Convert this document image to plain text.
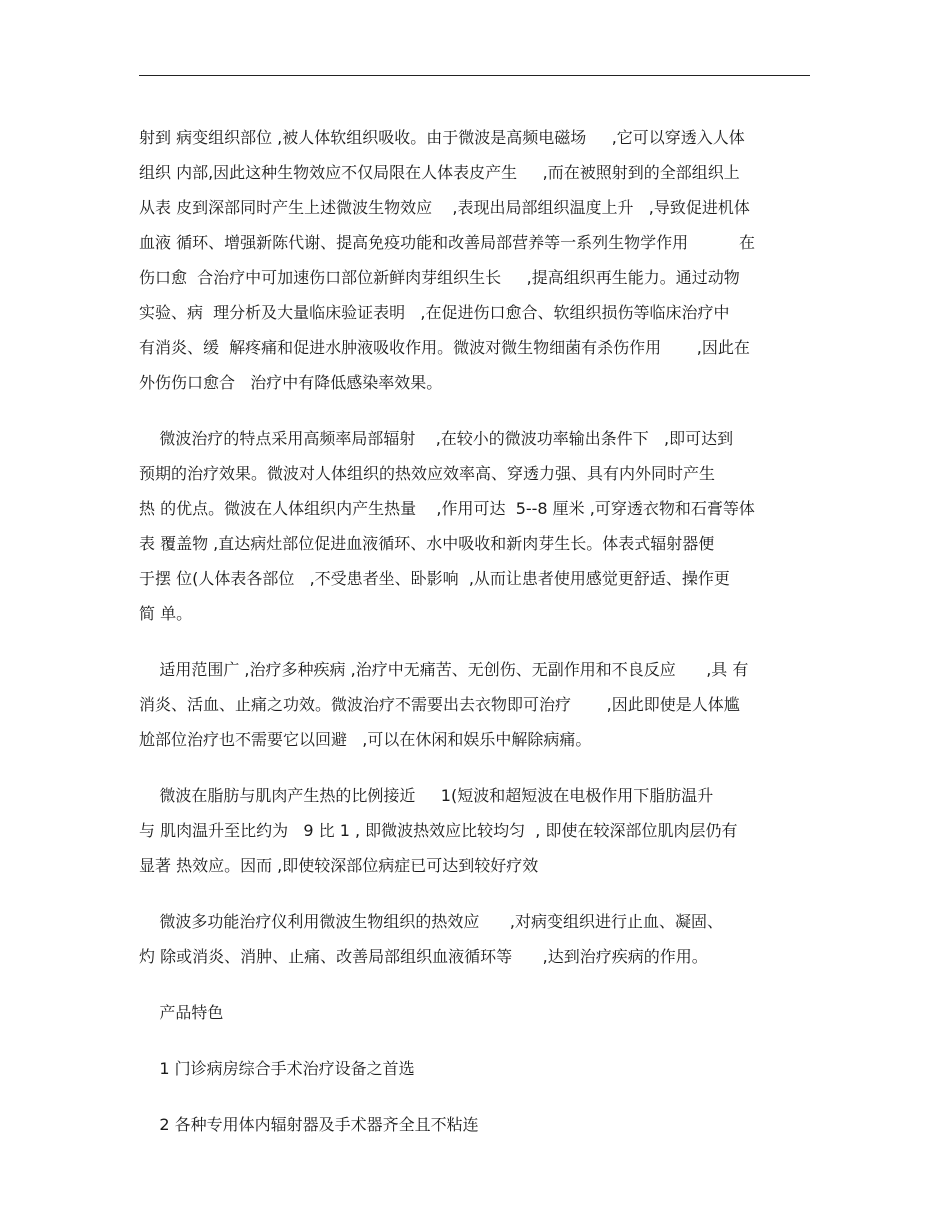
射到 病变组织部位 ,被人体软组织吸收。由于微波是高频电磁场     ,它可以穿透入人体
组织 内部,因此这种生物效应不仅局限在人体表皮产生     ,而在被照射到的全部组织上
从表 皮到深部同时产生上述微波生物效应    ,表现出局部组织温度上升   ,导致促进机体
血液 循环、增强新陈代谢、提高免疫功能和改善局部营养等一系列生物学作用          在
伤口愈  合治疗中可加速伤口部位新鲜肉芽组织生长     ,提高组织再生能力。通过动物
实验、病  理分析及大量临床验证表明   ,在促进伤口愈合、软组织损伤等临床治疗中
有消炎、缓  解疼痛和促进水肿液吸收作用。微波对微生物细菌有杀伤作用       ,因此在
外伤伤口愈合   治疗中有降低感染率效果。
微波治疗的特点采用高频率局部辐射    ,在较小的微波功率输出条件下   ,即可达到
预期的治疗效果。微波对人体组织的热效应效率高、穿透力强、具有内外同时产生
热 的优点。微波在人体组织内产生热量    ,作用可达  5--8 厘米 ,可穿透衣物和石膏等体
表 覆盖物 ,直达病灶部位促进血液循环、水中吸收和新肉芽生长。体表式辐射器便
于摆 位(人体表各部位   ,不受患者坐、卧影响  ,从而让患者使用感觉更舒适、操作更
简 单。
适用范围广 ,治疗多种疾病 ,治疗中无痛苦、无创伤、无副作用和不良反应      ,具 有
消炎、活血、止痛之功效。微波治疗不需要出去衣物即可治疗       ,因此即使是人体尴
尬部位治疗也不需要它以回避   ,可以在休闲和娱乐中解除病痛。
微波在脂肪与肌肉产生热的比例接近     1(短波和超短波在电极作用下脂肪温升
与 肌肉温升至比约为   9 比 1 , 即微波热效应比较均匀  , 即使在较深部位肌肉层仍有
显著 热效应。因而 ,即使较深部位病症已可达到较好疗效
微波多功能治疗仪利用微波生物组织的热效应      ,对病变组织进行止血、凝固、
灼 除或消炎、消肿、止痛、改善局部组织血液循环等      ,达到治疗疾病的作用。
产品特色
1 门诊病房综合手术治疗设备之首选
2 各种专用体内辐射器及手术器齐全且不粘连
